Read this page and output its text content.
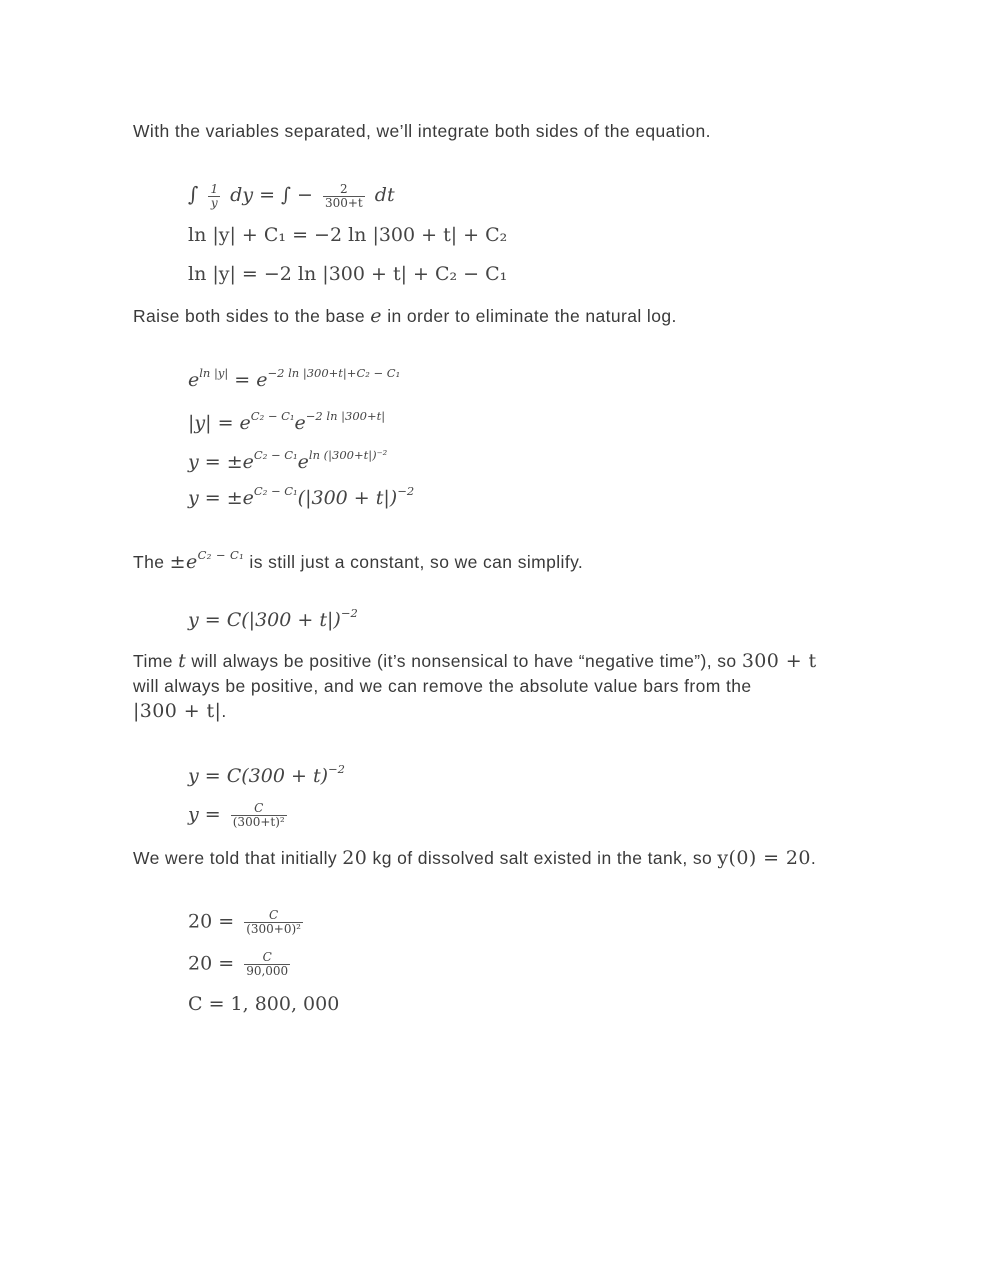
With the variables separated, we’ll integrate both sides of the equation.
∫ $\frac{1}{y}$ dy = ∫ − $\frac{2}{300+t}$ dt
ln |y| + C₁ = −2 ln |300 + t| + C₂
ln |y| = −2 ln |300 + t| + C₂ − C₁
Raise both sides to the base e in order to eliminate the natural log.
$e^{ln |y|} = e^{-2 ln |300+t|+C_2 - C_1}$
$|y| = e^{C_2 - C_1}e^{-2 ln |300+t|}$
$y = \pm e^{C_2 - C_1}e^{ln (|300+t|)^{-2}}$
$y = \pm e^{C_2 - C_1}(|300 + t|)^{-2}$
The $\pm e^{C_2 - C_1}$ is still just a constant, so we can simplify.
$y = C(|300 + t|)^{-2}$
Time t will always be positive (it’s nonsensical to have “negative time”), so 300 + t will always be positive, and we can remove the absolute value bars from the |300 + t|.
$y = C(300 + t)^{-2}$
$y = \frac{C}{\text{(300+t)²}}$
We were told that initially 20 kg of dissolved salt existed in the tank, so y(0) = 20.
$20 = \frac{C}{\text{(300+0)²}}$
$20 = \frac{C}{90,000}$
C = 1, 800, 000
